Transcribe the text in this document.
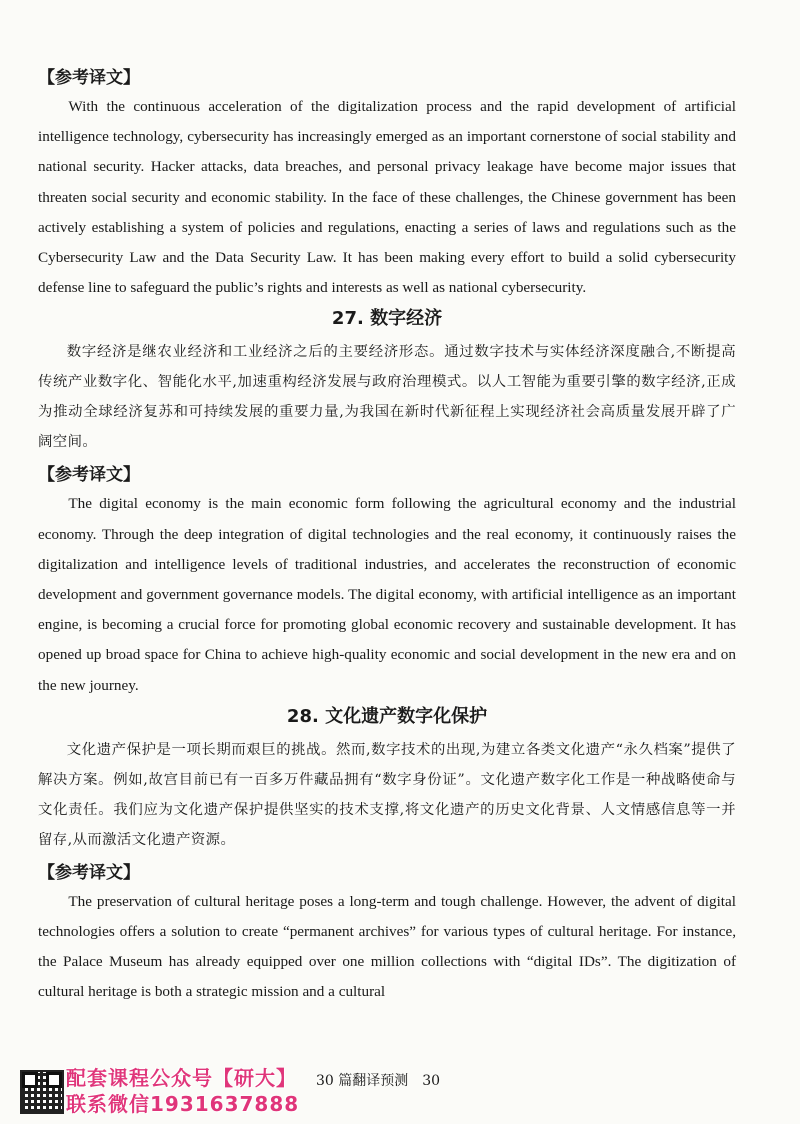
【参考译文】

With the continuous acceleration of the digitalization process and the rapid development of artificial intelligence technology, cybersecurity has increasingly emerged as an important cornerstone of social stability and national security. Hacker attacks, data breaches, and personal privacy leakage have become major issues that threaten social security and economic stability. In the face of these challenges, the Chinese government has been actively establishing a system of policies and regulations, enacting a series of laws and regulations such as the Cybersecurity Law and the Data Security Law. It has been making every effort to build a solid cybersecurity defense line to safeguard the public’s rights and interests as well as national cybersecurity.

27. 数字经济

数字经济是继农业经济和工业经济之后的主要经济形态。通过数字技术与实体经济深度融合,不断提高传统产业数字化、智能化水平,加速重构经济发展与政府治理模式。以人工智能为重要引擎的数字经济,正成为推动全球经济复苏和可持续发展的重要力量,为我国在新时代新征程上实现经济社会高质量发展开辟了广阔空间。

【参考译文】

The digital economy is the main economic form following the agricultural economy and the industrial economy. Through the deep integration of digital technologies and the real economy, it continuously raises the digitalization and intelligence levels of traditional industries, and accelerates the reconstruction of economic development and government governance models. The digital economy, with artificial intelligence as an important engine, is becoming a crucial force for promoting global economic recovery and sustainable development. It has opened up broad space for China to achieve high-quality economic and social development in the new era and on the new journey.

28. 文化遗产数字化保护

文化遗产保护是一项长期而艰巨的挑战。然而,数字技术的出现,为建立各类文化遗产“永久档案”提供了解决方案。例如,故宫目前已有一百多万件藏品拥有“数字身份证”。文化遗产数字化工作是一种战略使命与文化责任。我们应为文化遗产保护提供坚实的技术支撑,将文化遗产的历史文化背景、人文情感信息等一并留存,从而激活文化遗产资源。

【参考译文】

The preservation of cultural heritage poses a long-term and tough challenge. However, the advent of digital technologies offers a solution to create “permanent archives” for various types of cultural heritage. For instance, the Palace Museum has already equipped over one million collections with “digital IDs”. The digitization of cultural heritage is both a strategic mission and a cultural

配套课程公众号【研大】
联系微信1931637888
30 篇翻译预测　30
